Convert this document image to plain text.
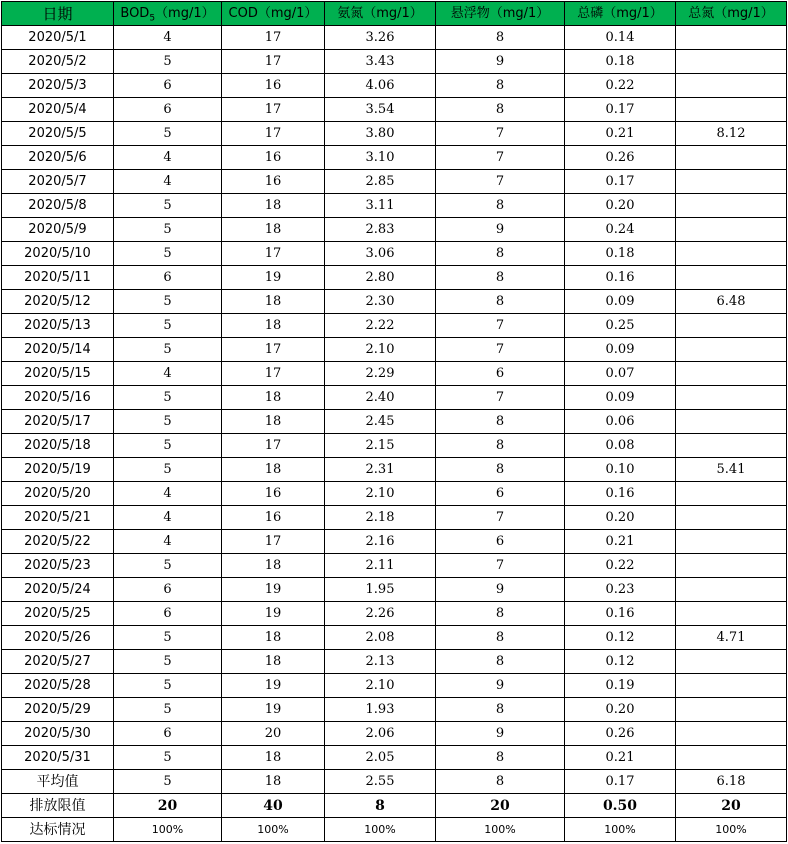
日期	$BOD_5(mg/1)$	COD（mg/1）	氨氮（mg/1）	悬浮物（mg/1）	总磷（mg/1）	总氮（mg/1）
2020/5/1	4	17	3.26	8	0.14	
2020/5/2	5	17	3.43	9	0.18	
2020/5/3	6	16	4.06	8	0.22	
2020/5/4	6	17	3.54	8	0.17	
2020/5/5	5	17	3.80	7	0.21	8.12
2020/5/6	4	16	3.10	7	0.26	
2020/5/7	4	16	2.85	7	0.17	
2020/5/8	5	18	3.11	8	0.20	
2020/5/9	5	18	2.83	9	0.24	
2020/5/10	5	17	3.06	8	0.18	
2020/5/11	6	19	2.80	8	0.16	
2020/5/12	5	18	2.30	8	0.09	6.48
2020/5/13	5	18	2.22	7	0.25	
2020/5/14	5	17	2.10	7	0.09	
2020/5/15	4	17	2.29	6	0.07	
2020/5/16	5	18	2.40	7	0.09	
2020/5/17	5	18	2.45	8	0.06	
2020/5/18	5	17	2.15	8	0.08	
2020/5/19	5	18	2.31	8	0.10	5.41
2020/5/20	4	16	2.10	6	0.16	
2020/5/21	4	16	2.18	7	0.20	
2020/5/22	4	17	2.16	6	0.21	
2020/5/23	5	18	2.11	7	0.22	
2020/5/24	6	19	1.95	9	0.23	
2020/5/25	6	19	2.26	8	0.16	
2020/5/26	5	18	2.08	8	0.12	4.71
2020/5/27	5	18	2.13	8	0.12	
2020/5/28	5	19	2.10	9	0.19	
2020/5/29	5	19	1.93	8	0.20	
2020/5/30	6	20	2.06	9	0.26	
2020/5/31	5	18	2.05	8	0.21	
平均值	5	18	2.55	8	0.17	6.18
排放限值	20	40	8	20	0.50	20
达标情况	100%	100%	100%	100%	100%	100%
